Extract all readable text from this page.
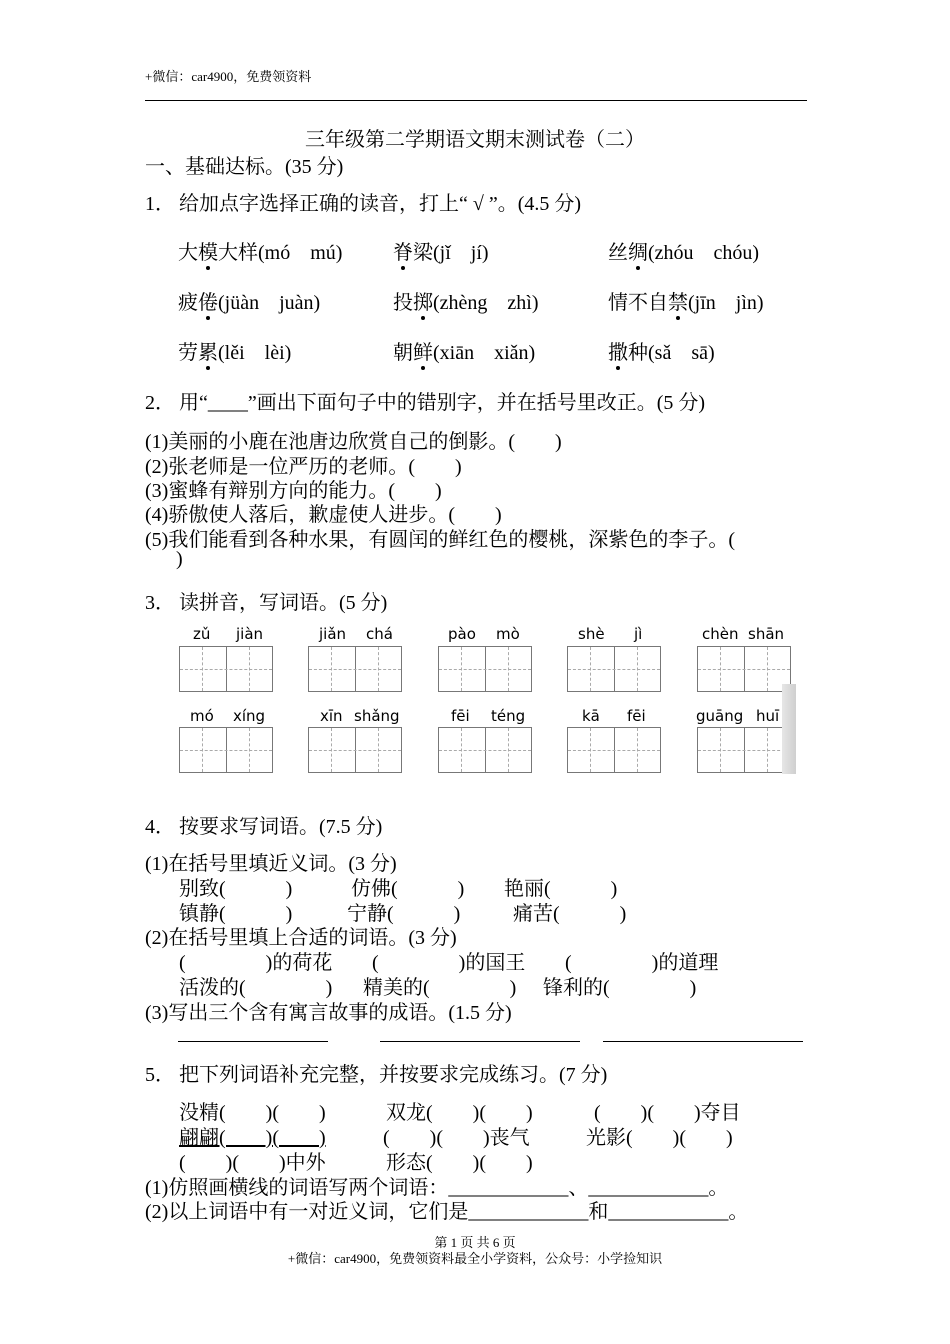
+微信：car4900，免费领资料
三年级第二学期语文期末测试卷（二）
一、基础达标。(35 分)
1． 给加点字选择正确的读音，打上“ √ ”。(4.5 分)
大模大样(mó　mú)	脊梁(jǐ　jí)	丝绸(zhóu　chóu)
疲倦(jüàn　juàn)	投掷(zhèng　zhì)	情不自禁(jīn　jìn)
劳累(lěi　lèi)	朝鲜(xiān　xiǎn)	撒种(sǎ　sā)
2． 用“____”画出下面句子中的错别字，并在括号里改正。(5 分)
(1)美丽的小鹿在池唐边欣赏自己的倒影。(　　)
(2)张老师是一位严历的老师。(　　)
(3)蜜蜂有辩别方向的能力。(　　)
(4)骄傲使人落后，歉虚使人进步。(　　)
(5)我们能看到各种水果，有圆闰的鲜红色的樱桃，深紫色的李子。(
)
3． 读拼音，写词语。(5 分)
zǔ jiàn	jiǎn chá	pào mò	shè jì	chèn shān
mó xíng	xīn shǎng	fēi téng	kā fēi	guāng huī
4． 按要求写词语。(7.5 分)
(1)在括号里填近义词。(3 分)
别致(　　　)	仿佛(　　　) 艳丽(　　　)
镇静(　　　)	宁静(　　　)	痛苦(　　　)
(2)在括号里填上合适的词语。(3 分)
(　　　　)的荷花 (　　　　)的国王 (　　　　)的道理
活泼的(　　　　) 精美的(　　　　) 锋利的(　　　　)
(3)写出三个含有寓言故事的成语。(1.5 分)
5． 把下列词语补充完整，并按要求完成练习。(7 分)
没精(　　)(　　)	双龙(　　)(　　)	(　　)(　　)夺目
翩翩(　　)(　　)	(　　)(　　)丧气	光影(　　)(　　)
(　　)(　　)中外	形态(　　)(　　)
(1)仿照画横线的词语写两个词语：____________、____________。
(2)以上词语中有一对近义词，它们是____________和____________。
第 1 页 共 6 页
+微信：car4900，免费领资料最全小学资料，公众号：小学捡知识
